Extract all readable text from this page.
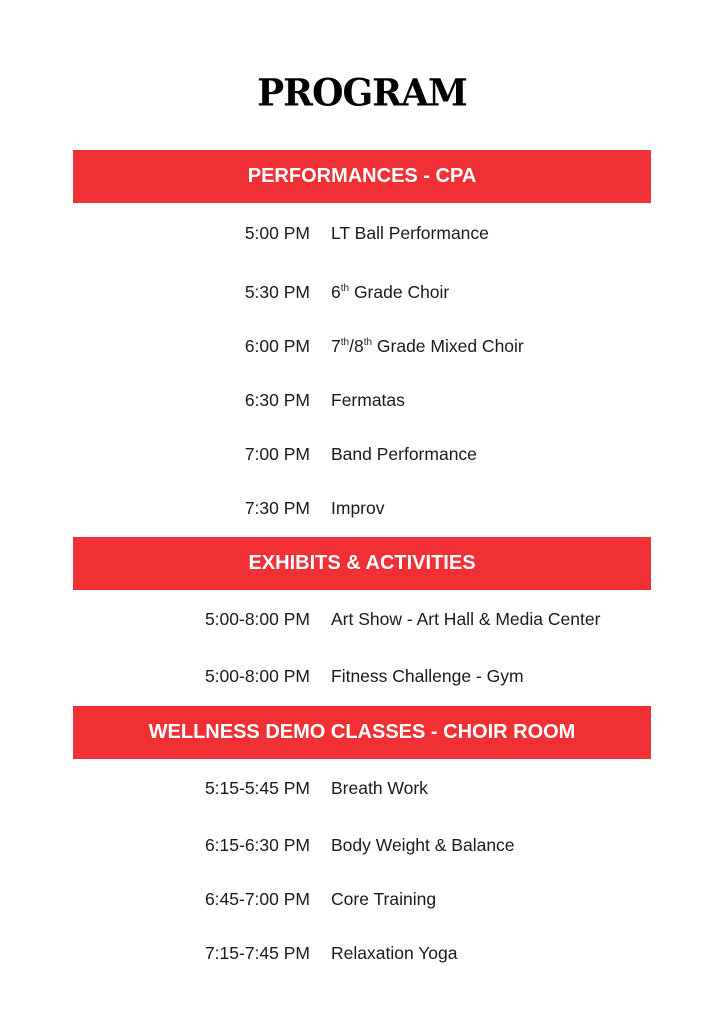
PROGRAM
PERFORMANCES - CPA
5:00 PM LT Ball Performance
5:30 PM 6th Grade Choir
6:00 PM 7th/8th Grade Mixed Choir
6:30 PM Fermatas
7:00 PM Band Performance
7:30 PM Improv
EXHIBITS & ACTIVITIES
5:00-8:00 PM Art Show - Art Hall & Media Center
5:00-8:00 PM Fitness Challenge - Gym
WELLNESS DEMO CLASSES - CHOIR ROOM
5:15-5:45 PM Breath Work
6:15-6:30 PM Body Weight & Balance
6:45-7:00 PM Core Training
7:15-7:45 PM Relaxation Yoga
